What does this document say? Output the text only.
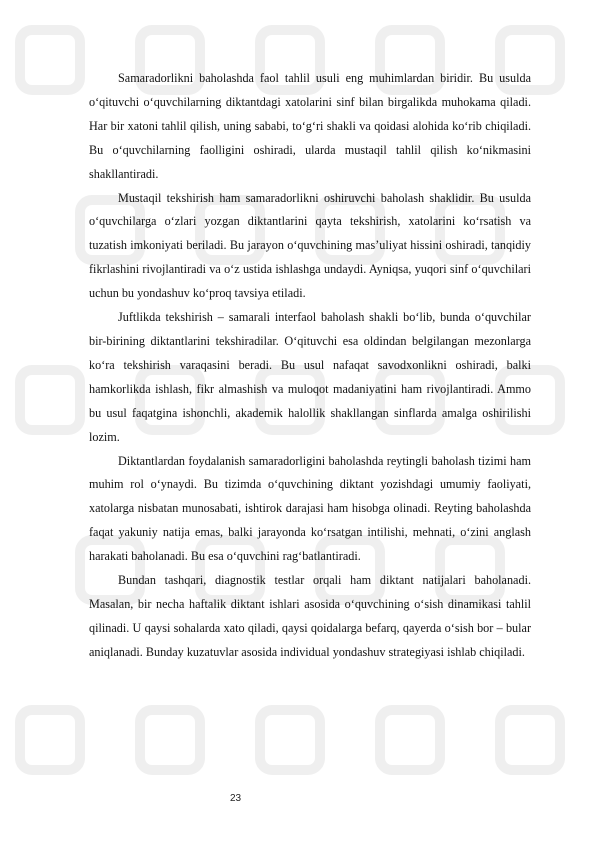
Samaradorlikni baholashda faol tahlil usuli eng muhimlardan biridir. Bu usulda o‘qituvchi o‘quvchilarning diktantdagi xatolarini sinf bilan birgalikda muhokama qiladi. Har bir xatoni tahlil qilish, uning sababi, to‘g‘ri shakli va qoidasi alohida ko‘rib chiqiladi. Bu o‘quvchilarning faolligini oshiradi, ularda mustaqil tahlil qilish ko‘nikmasini shakllantiradi.

Mustaqil tekshirish ham samaradorlikni oshiruvchi baholash shaklidir. Bu usulda o‘quvchilarga o‘zlari yozgan diktantlarini qayta tekshirish, xatolarini ko‘rsatish va tuzatish imkoniyati beriladi. Bu jarayon o‘quvchining mas’uliyat hissini oshiradi, tanqidiy fikrlashini rivojlantiradi va o‘z ustida ishlashga undaydi. Ayniqsa, yuqori sinf o‘quvchilari uchun bu yondashuv ko‘proq tavsiya etiladi.

Juftlikda tekshirish – samarali interfaol baholash shakli bo‘lib, bunda o‘quvchilar bir-birining diktantlarini tekshiradilar. O‘qituvchi esa oldindan belgilangan mezonlarga ko‘ra tekshirish varaqasini beradi. Bu usul nafaqat savodxonlikni oshiradi, balki hamkorlikda ishlash, fikr almashish va muloqot madaniyatini ham rivojlantiradi. Ammo bu usul faqatgina ishonchli, akademik halollik shakllangan sinflarda amalga oshirilishi lozim.

Diktantlardan foydalanish samaradorligini baholashda reytingli baholash tizimi ham muhim rol o‘ynaydi. Bu tizimda o‘quvchining diktant yozishdagi umumiy faoliyati, xatolarga nisbatan munosabati, ishtirok darajasi ham hisobga olinadi. Reyting baholashda faqat yakuniy natija emas, balki jarayonda ko‘rsatgan intilishi, mehnati, o‘zini anglash harakati baholanadi. Bu esa o‘quvchini rag‘batlantiradi.

Bundan tashqari, diagnostik testlar orqali ham diktant natijalari baholanadi. Masalan, bir necha haftalik diktant ishlari asosida o‘quvchining o‘sish dinamikasi tahlil qilinadi. U qaysi sohalarda xato qiladi, qaysi qoidalarga befarq, qayerda o‘sish bor – bular aniqlanadi. Bunday kuzatuvlar asosida individual yondashuv strategiyasi ishlab chiqiladi.

23
